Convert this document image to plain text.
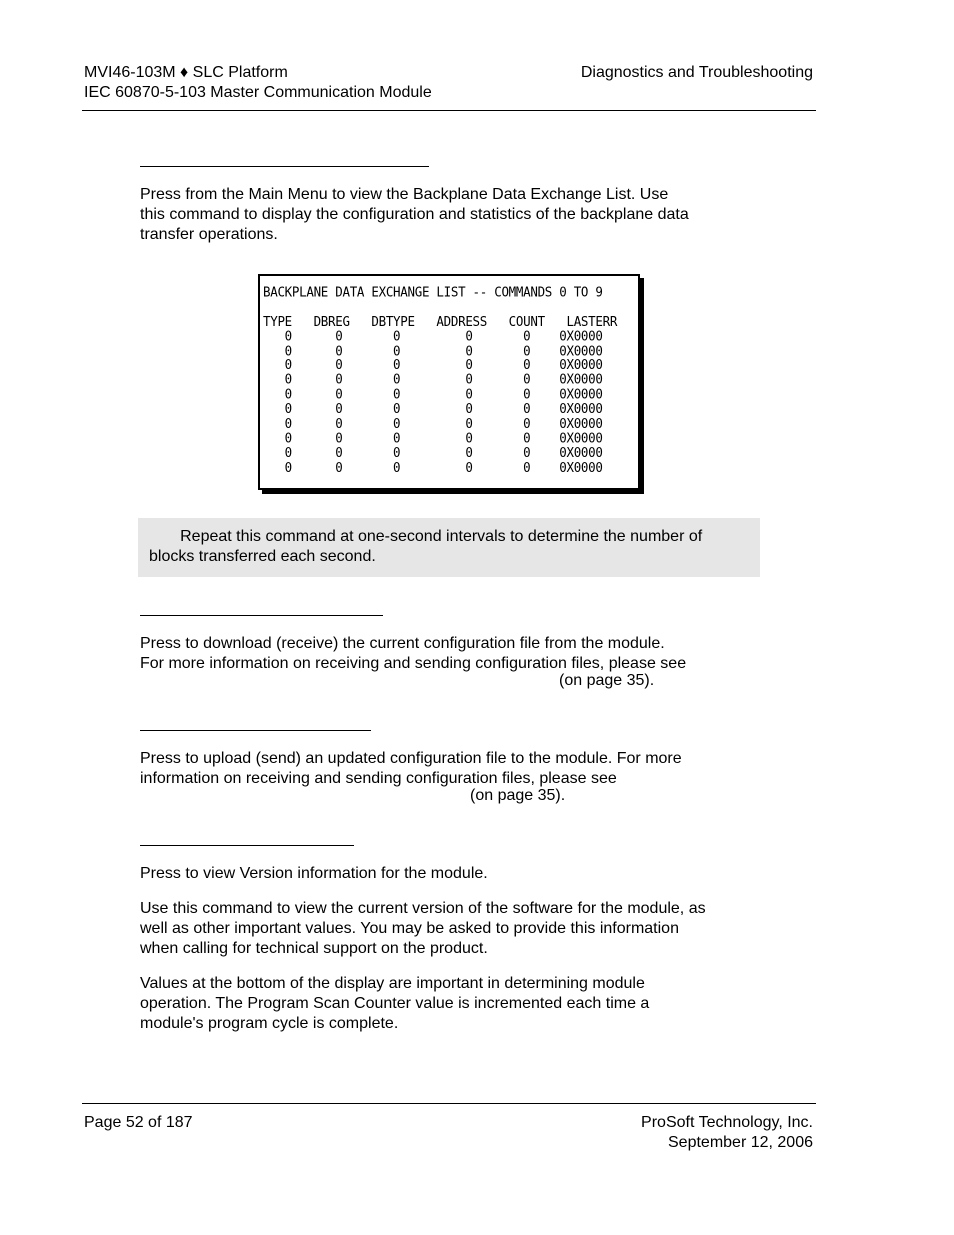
MVI46-103M ♦ SLC Platform
IEC 60870-5-103 Master Communication Module
Diagnostics and Troubleshooting
Press from the Main Menu to view the Backplane Data Exchange List. Use
this command to display the configuration and statistics of the backplane data
transfer operations.
BACKPLANE DATA EXCHANGE LIST -- COMMANDS 0 TO 9

TYPE   DBREG   DBTYPE   ADDRESS   COUNT   LASTERR
0      0       0         0       0    0X0000
0      0       0         0       0    0X0000
0      0       0         0       0    0X0000
0      0       0         0       0    0X0000
0      0       0         0       0    0X0000
0      0       0         0       0    0X0000
0      0       0         0       0    0X0000
0      0       0         0       0    0X0000
0      0       0         0       0    0X0000
0      0       0         0       0    0X0000
Repeat this command at one-second intervals to determine the number of
blocks transferred each second.
Press to download (receive) the current configuration file from the module.
For more information on receiving and sending configuration files, please see
(on page 35).
Press to upload (send) an updated configuration file to the module. For more
information on receiving and sending configuration files, please see
(on page 35).
Press to view Version information for the module.
Use this command to view the current version of the software for the module, as
well as other important values. You may be asked to provide this information
when calling for technical support on the product.
Values at the bottom of the display are important in determining module
operation. The Program Scan Counter value is incremented each time a
module's program cycle is complete.
Page 52 of 187	ProSoft Technology, Inc.
September 12, 2006
